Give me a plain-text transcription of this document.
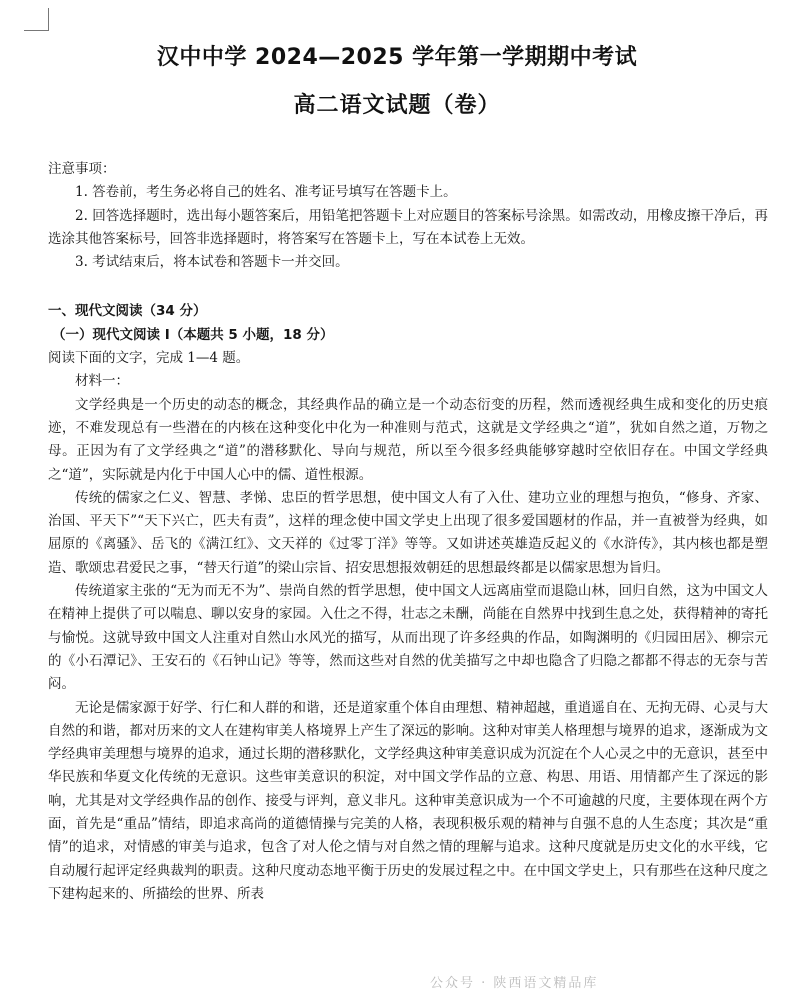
汉中中学 2024—2025 学年第一学期期中考试
高二语文试题（卷）

注意事项：

1. 答卷前，考生务必将自己的姓名、准考证号填写在答题卡上。

2. 回答选择题时，选出每小题答案后，用铅笔把答题卡上对应题目的答案标号涂黑。如需改动，用橡皮擦干净后，再选涂其他答案标号，回答非选择题时，将答案写在答题卡上，写在本试卷上无效。

3. 考试结束后，将本试卷和答题卡一并交回。

一、现代文阅读（34 分）

（一）现代文阅读 I（本题共 5 小题，18 分）

阅读下面的文字，完成 1—4 题。

材料一：

文学经典是一个历史的动态的概念，其经典作品的确立是一个动态衍变的历程，然而透视经典生成和变化的历史痕迹，不难发现总有一些潜在的内核在这种变化中化为一种准则与范式，这就是文学经典之“道”，犹如自然之道，万物之母。正因为有了文学经典之“道”的潜移默化、导向与规范，所以至今很多经典能够穿越时空依旧存在。中国文学经典之“道”，实际就是内化于中国人心中的儒、道性根源。

传统的儒家之仁义、智慧、孝悌、忠臣的哲学思想，使中国文人有了入仕、建功立业的理想与抱负，“修身、齐家、治国、平天下”“天下兴亡，匹夫有责”，这样的理念使中国文学史上出现了很多爱国题材的作品，并一直被誉为经典，如屈原的《离骚》、岳飞的《满江红》、文天祥的《过零丁洋》等等。又如讲述英雄造反起义的《水浒传》，其内核也都是塑造、歌颂忠君爱民之事，“替天行道”的梁山宗旨、招安思想报效朝廷的思想最终都是以儒家思想为旨归。

传统道家主张的“无为而无不为”、崇尚自然的哲学思想，使中国文人远离庙堂而退隐山林，回归自然，这为中国文人在精神上提供了可以喘息、聊以安身的家园。入仕之不得，壮志之未酬，尚能在自然界中找到生息之处，获得精神的寄托与愉悦。这就导致中国文人注重对自然山水风光的描写，从而出现了许多经典的作品，如陶渊明的《归园田居》、柳宗元的《小石潭记》、王安石的《石钟山记》等等，然而这些对自然的优美描写之中却也隐含了归隐之都都不得志的无奈与苦闷。

无论是儒家源于好学、行仁和人群的和谐，还是道家重个体自由理想、精神超越，重逍遥自在、无拘无碍、心灵与大自然的和谐，都对历来的文人在建构审美人格境界上产生了深远的影响。这种对审美人格理想与境界的追求，逐渐成为文学经典审美理想与境界的追求，通过长期的潜移默化，文学经典这种审美意识成为沉淀在个人心灵之中的无意识，甚至中华民族和华夏文化传统的无意识。这些审美意识的积淀，对中国文学作品的立意、构思、用语、用情都产生了深远的影响，尤其是对文学经典作品的创作、接受与评判，意义非凡。这种审美意识成为一个不可逾越的尺度，主要体现在两个方面，首先是“重品”情结，即追求高尚的道德情操与完美的人格，表现积极乐观的精神与自强不息的人生态度；其次是“重情”的追求，对情感的审美与追求，包含了对人伦之情与对自然之情的理解与追求。这种尺度就是历史文化的水平线，它自动履行起评定经典裁判的职责。这种尺度动态地平衡于历史的发展过程之中。在中国文学史上，只有那些在这种尺度之下建构起来的、所描绘的世界、所表

公众号 · 陕西语文精品库
